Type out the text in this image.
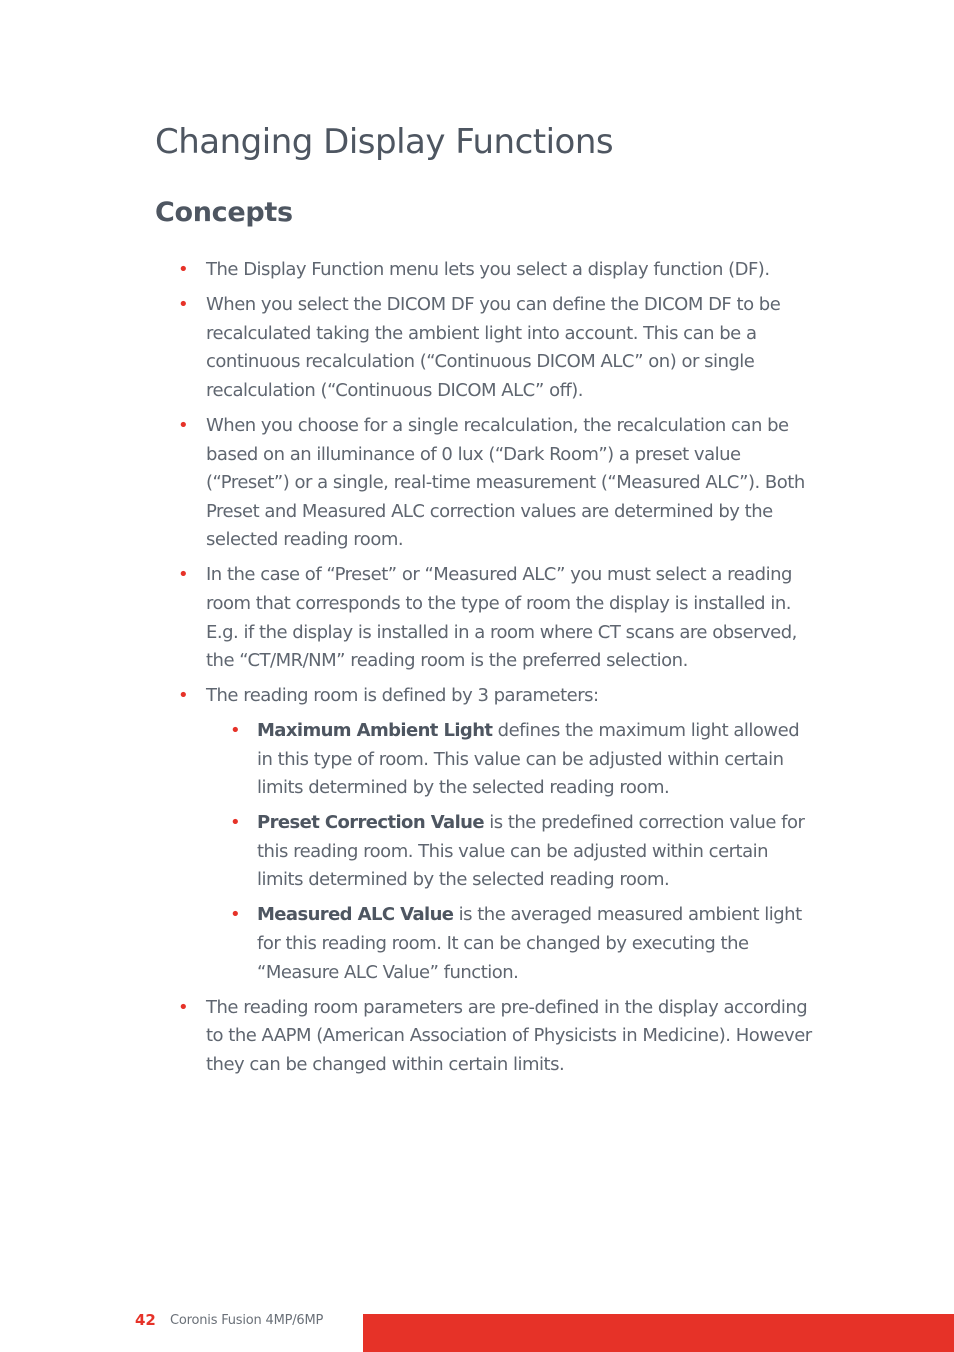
Changing Display Functions
Concepts
• The Display Function menu lets you select a display function (DF).
• When you select the DICOM DF you can define the DICOM DF to be recalculated taking the ambient light into account. This can be a continuous recalculation (“Continuous DICOM ALC” on) or single recalculation (“Continuous DICOM ALC” off).
• When you choose for a single recalculation, the recalculation can be based on an illuminance of 0 lux (“Dark Room”) a preset value (“Preset”) or a single, real-time measurement (“Measured ALC”). Both Preset and Measured ALC correction values are determined by the selected reading room.
• In the case of “Preset” or “Measured ALC” you must select a reading room that corresponds to the type of room the display is installed in. E.g. if the display is installed in a room where CT scans are observed, the “CT/MR/NM” reading room is the preferred selection.
• The reading room is defined by 3 parameters:
• Maximum Ambient Light defines the maximum light allowed in this type of room. This value can be adjusted within certain limits determined by the selected reading room.
• Preset Correction Value is the predefined correction value for this reading room. This value can be adjusted within certain limits determined by the selected reading room.
• Measured ALC Value is the averaged measured ambient light for this reading room. It can be changed by executing the “Measure ALC Value” function.
• The reading room parameters are pre-defined in the display according to the AAPM (American Association of Physicists in Medicine). However they can be changed within certain limits.
42 Coronis Fusion 4MP/6MP
